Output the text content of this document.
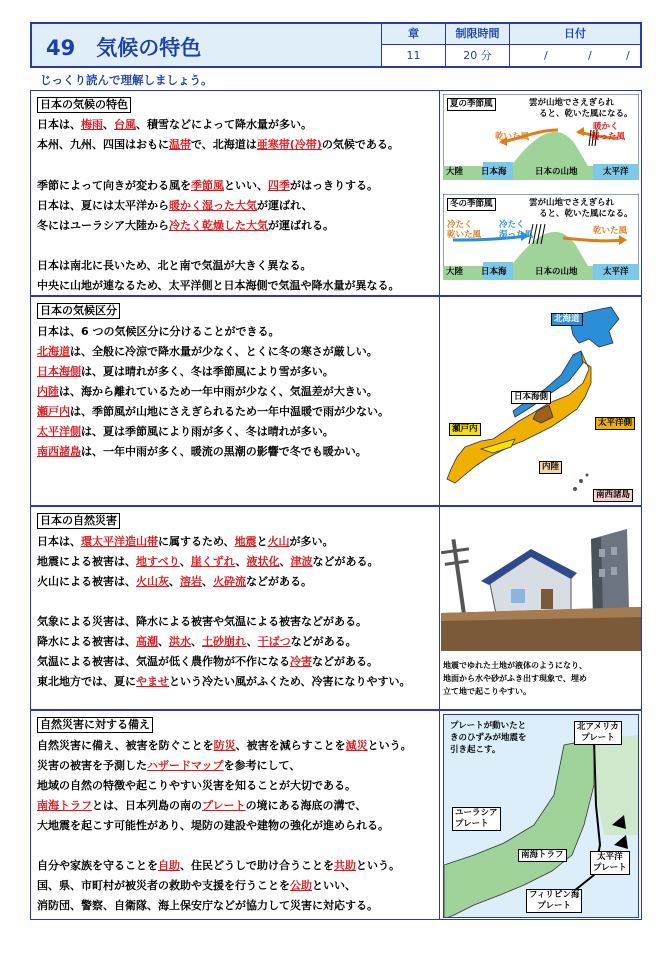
49　気候の特色
章
11
制限時間
20 分
日付
/	/	/
じっくり読んで理解しましょう。
日本の気候の特色
日本は、梅雨、台風、積雪などによって降水量が多い。
本州、九州、四国はおもに温帯で、北海道は亜寒帯(冷帯)の気候である。
季節によって向きが変わる風を季節風といい、四季がはっきりする。
日本は、夏には太平洋から暖かく湿った大気が運ばれ、
冬にはユーラシア大陸から冷たく乾燥した大気が運ばれる。
日本は南北に長いため、北と南で気温が大きく異なる。
中央に山地が連なるため、太平洋側と日本海側で気温や降水量が異なる。
夏の季節風	雲が山地でさえぎられ
ると、乾いた風になる。
乾いた風
暖かく
湿った風
大陸 日本海	日本の山地	太平洋
冬の季節風	雲が山地でさえぎられ
ると、乾いた風になる。
冷たく
乾いた風
冷たく
湿った風	乾いた風
大陸 日本海	日本の山地	太平洋
日本の気候区分
日本は、6 つの気候区分に分けることができる。
北海道は、全般に冷涼で降水量が少なく、とくに冬の寒さが厳しい。
日本海側は、夏は晴れが多く、冬は季節風により雪が多い。
内陸は、海から離れているため一年中雨が少なく、気温差が大きい。
瀬戸内は、季節風が山地にさえぎられるため一年中温暖で雨が少ない。
太平洋側は、夏は季節風により雨が多く、冬は晴れが多い。
南西諸島は、一年中雨が多く、暖流の黒潮の影響で冬でも暖かい。
北海道
日本海側
瀬戸内
太平洋側
内陸
南西諸島
日本の自然災害
日本は、環太平洋造山帯に属するため、地震と火山が多い。
地震による被害は、地すべり、崖くずれ、液状化、津波などがある。
火山による被害は、火山灰、溶岩、火砕流などがある。
気象による災害は、降水による被害や気温による被害などがある。
降水による被害は、高潮、洪水、土砂崩れ、干ばつなどがある。
気温による被害は、気温が低く農作物が不作になる冷害などがある。
東北地方では、夏にやませという冷たい風がふくため、冷害になりやすい。
地震でゆれた土地が液体のようになり、
地面から水や砂がふき出す現象で、埋め
立て地で起こりやすい。
自然災害に対する備え
自然災害に備え、被害を防ぐことを防災、被害を減らすことを減災という。
災害の被害を予測したハザードマップを参考にして、
地域の自然の特徴や起こりやすい災害を知ることが大切である。
南海トラフとは、日本列島の南のプレートの境にある海底の溝で、
大地震を起こす可能性があり、堤防の建設や建物の強化が進められる。
自分や家族を守ることを自助、住民どうしで助け合うことを共助という。
国、県、市町村が被災者の救助や支援を行うことを公助といい、
消防団、警察、自衛隊、海上保安庁などが協力して災害に対応する。
プレートが動いたと
きのひずみが地震を
引き起こす。
北アメリカ
プレート
ユーラシア
プレート
南海トラフ	太平洋
プレート
フィリピン海
プレート
